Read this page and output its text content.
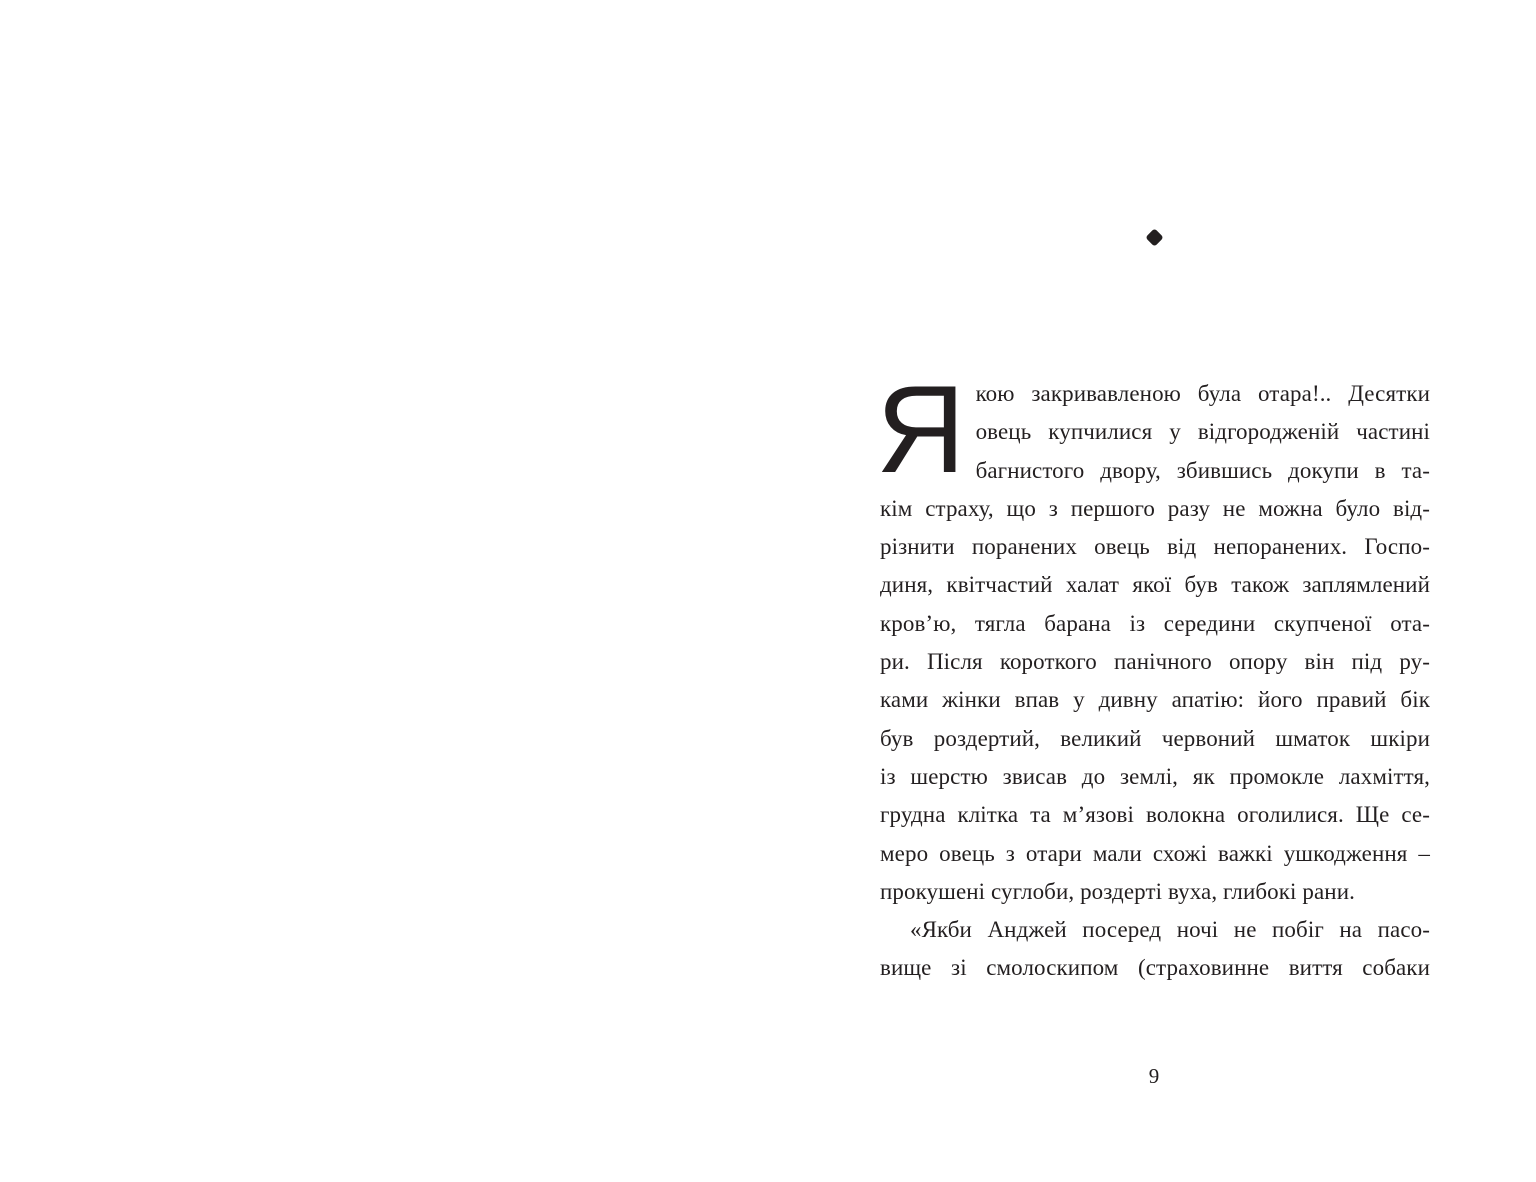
Я кою закривавленою була отара!.. Десятки
овець купчилися у відгородженій частині
багнистого двору, збившись докупи в та-
кім страху, що з першого разу не можна було від-
різнити поранених овець від непоранених. Госпо-
диня, квітчастий халат якої був також заплямлений
кров’ю, тягла барана із середини скупченої ота-
ри. Після короткого панічного опору він під ру-
ками жінки впав у дивну апатію: його правий бік
був роздертий, великий червоний шматок шкіри
із шерстю звисав до землі, як промокле лахміття,
грудна клітка та м’язові волокна оголилися. Ще се-
меро овець з отари мали схожі важкі ушкодження –
прокушені суглоби, роздерті вуха, глибокі рани.

«Якби Анджей посеред ночі не побіг на пасо-
вище зі смолоскипом (страховинне виття собаки

9
